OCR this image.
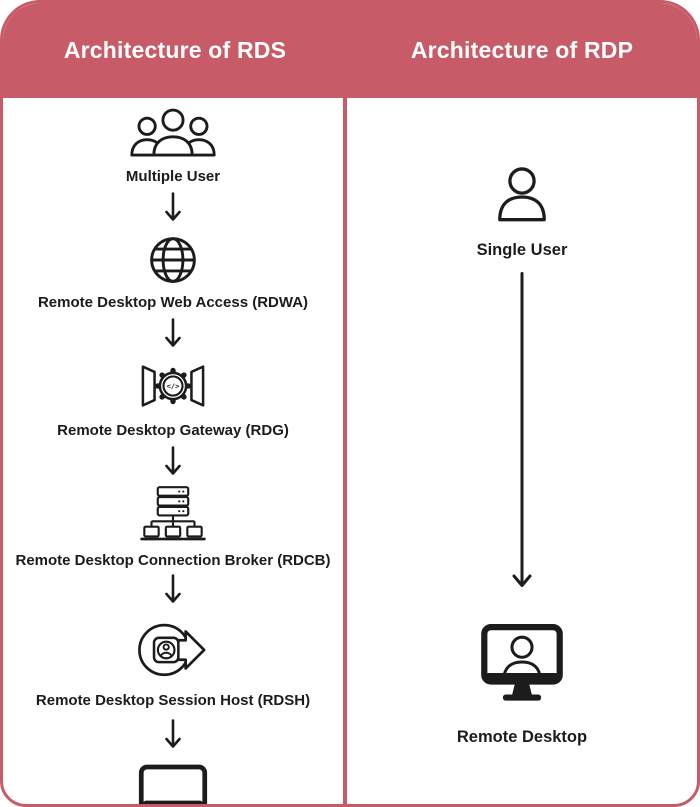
Architecture of RDS	Architecture of RDP
Multiple User
Remote Desktop Web Access (RDWA)
</>
Remote Desktop Gateway (RDG)
Remote Desktop Connection Broker (RDCB)
Remote Desktop Session Host (RDSH)
Single User
Remote Desktop
